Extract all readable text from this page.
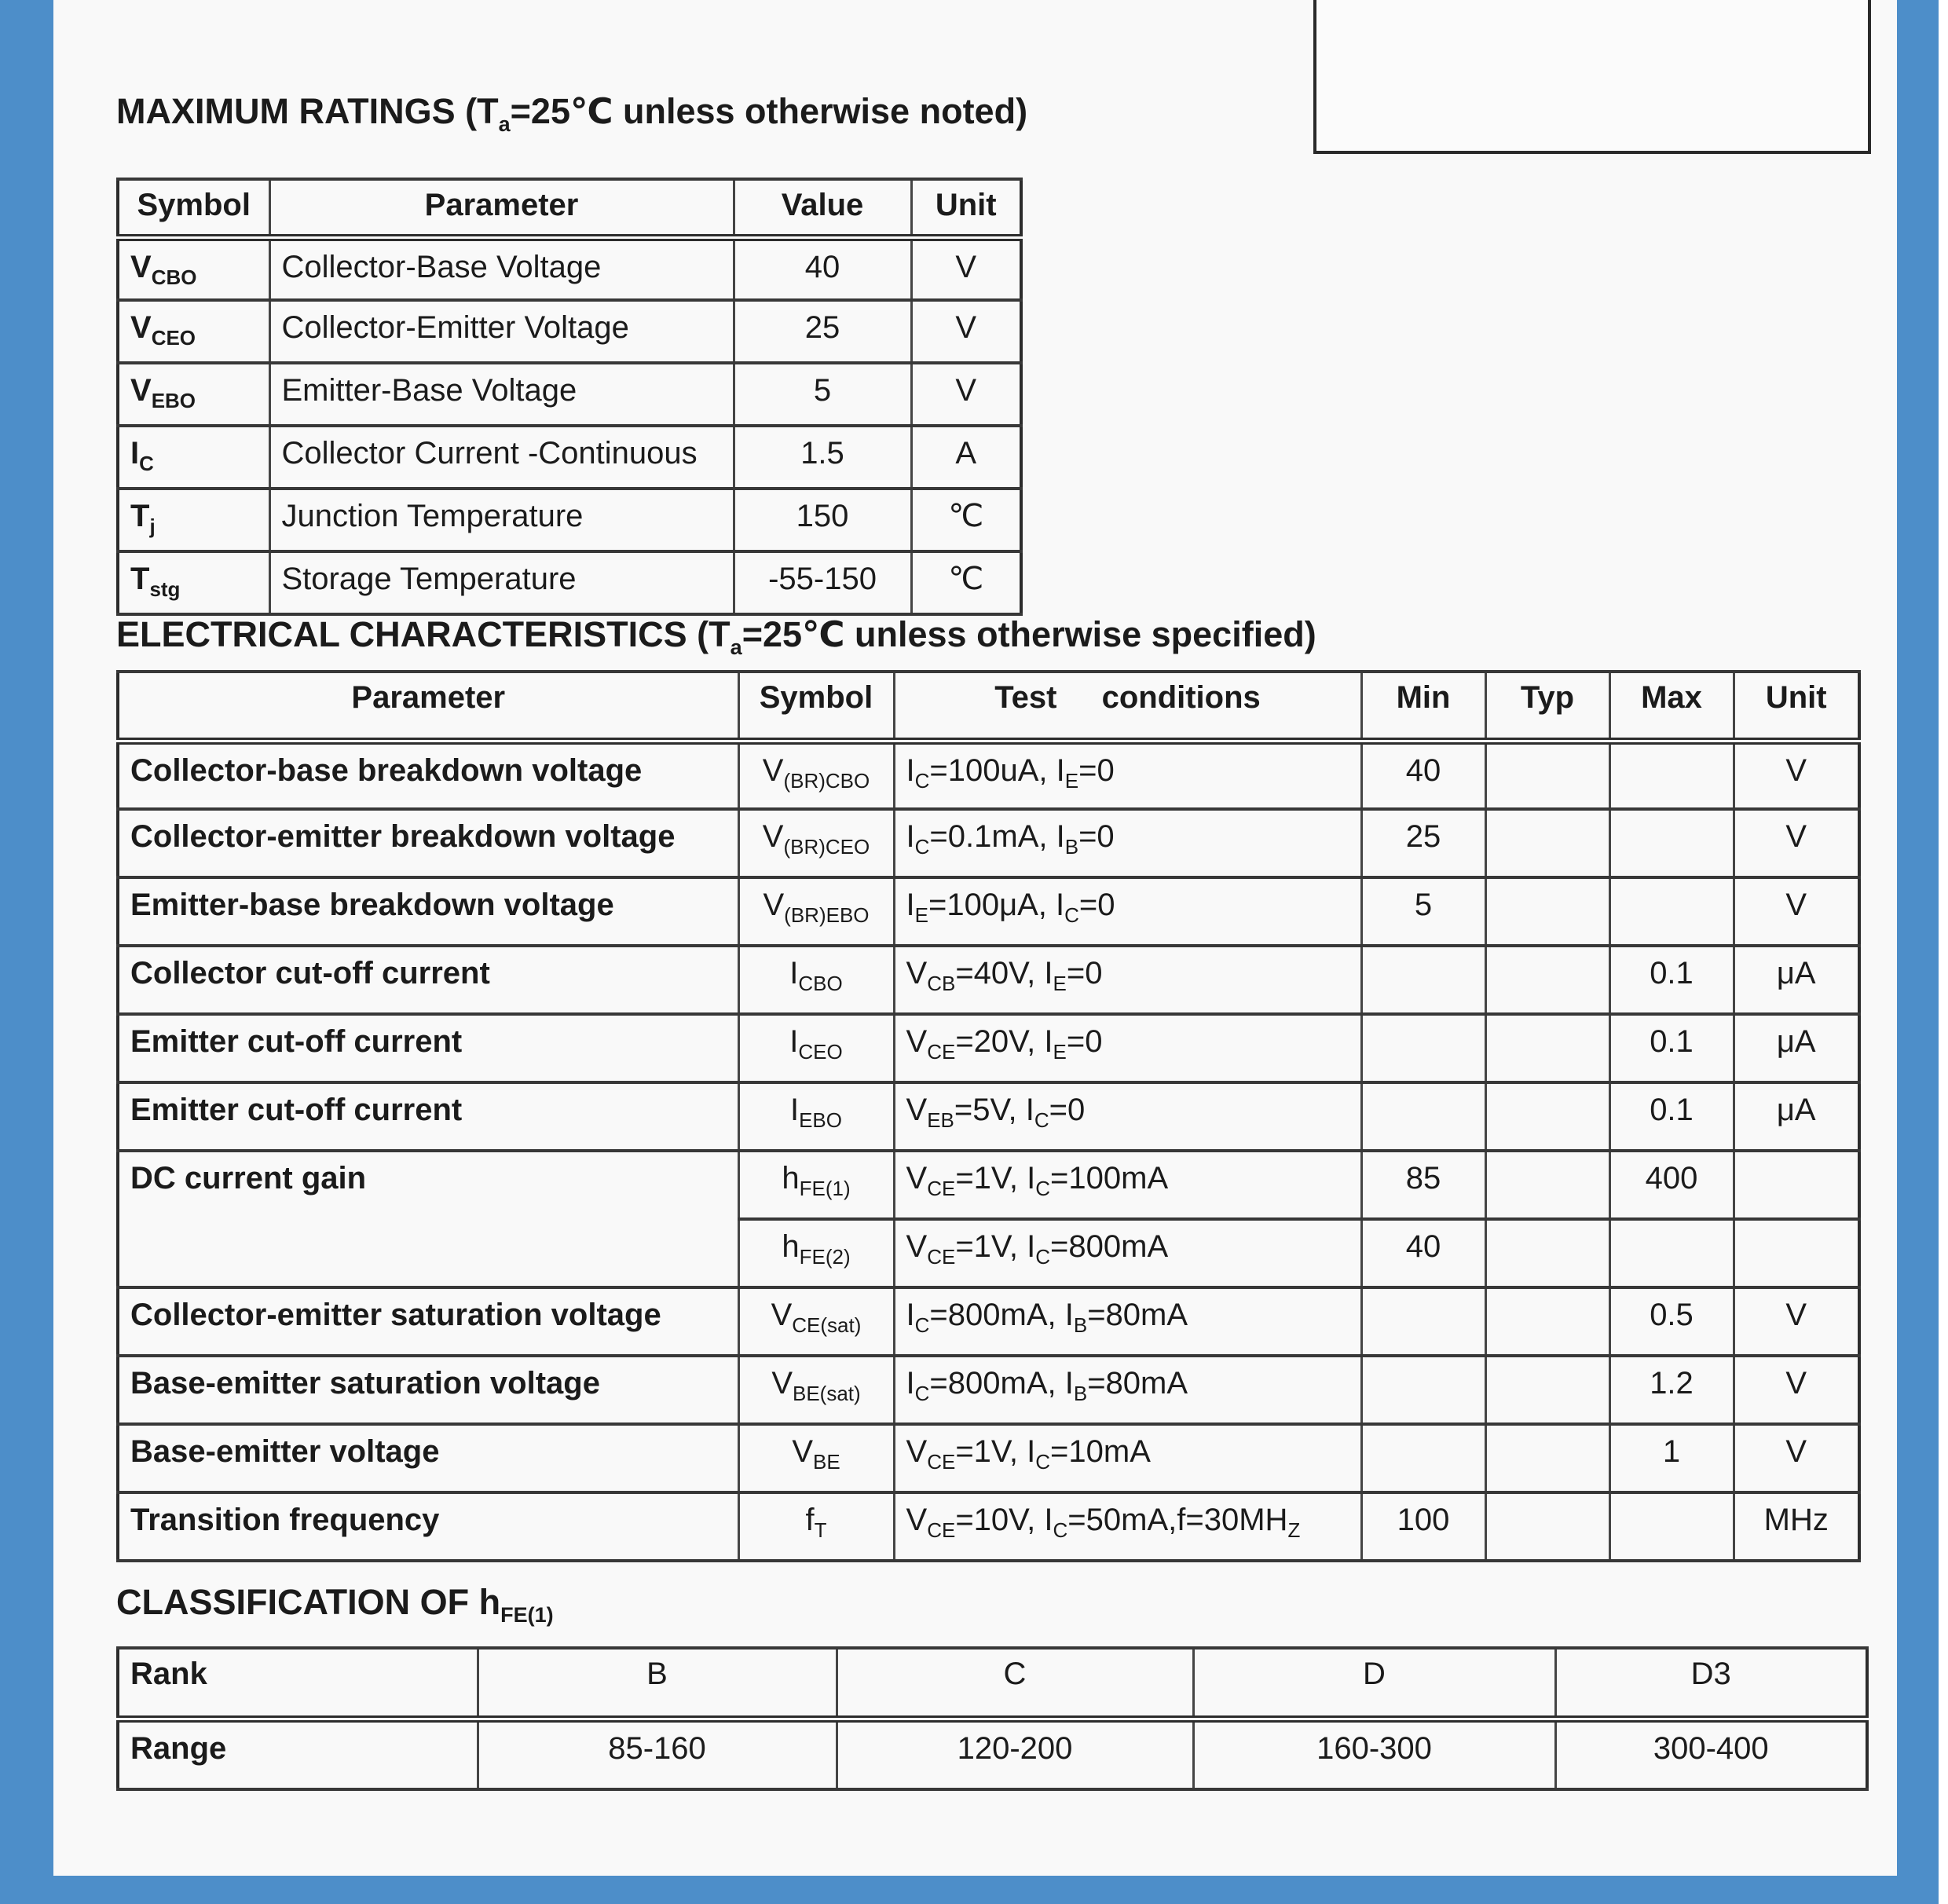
MAXIMUM RATINGS ($T_a=25℃$ unless otherwise noted)
Symbol	Parameter	Value	Unit
$V_{CBO}$	Collector-Base Voltage	40	V
$V_{CEO}$	Collector-Emitter Voltage	25	V
$V_{EBO}$	Emitter-Base Voltage	5	V
$I_C$	Collector Current -Continuous	1.5	A
$T_j$	Junction Temperature	150	℃
$T_{stg}$	Storage Temperature	-55-150	℃
ELECTRICAL CHARACTERISTICS ($T_a=25℃$ unless otherwise specified)
Parameter	Symbol	Test conditions	Min	Typ	Max	Unit
Collector-base breakdown voltage	$V_{(BR)CBO}$	$I_C=100uA$, $I_E=0$	40			V
Collector-emitter breakdown voltage	$V_{(BR)CEO}$	$I_C=0.1mA$, $I_B=0$	25			V
Emitter-base breakdown voltage	$V_{(BR)EBO}$	$I_E=100\mu A$, $I_C=0$	5			V
Collector cut-off current	$I_{CBO}$	$V_{CB}=40V$, $I_E=0$			0.1	μA
Emitter cut-off current	$I_{CEO}$	$V_{CE}=20V$, $I_E=0$			0.1	μA
Emitter cut-off current	$I_{EBO}$	$V_{EB}=5V$, $I_C=0$			0.1	μA
DC current gain	$h_{FE(1)}$	$V_{CE}=1V$, $I_C=100mA$	85		400	
	$h_{FE(2)}$	$V_{CE}=1V$, $I_C=800mA$	40			
Collector-emitter saturation voltage	$V_{CE(sat)}$	$I_C=800mA$, $I_B=80mA$			0.5	V
Base-emitter saturation voltage	$V_{BE(sat)}$	$I_C=800mA$, $I_B=80mA$			1.2	V
Base-emitter voltage	$V_{BE}$	$V_{CE}=1V$, $I_C=10mA$			1	V
Transition frequency	$f_T$	$V_{CE}=10V$, $I_C=50mA,f=30MH_Z$	100			MHz
CLASSIFICATION OF $h_{FE(1)}$
Rank	B	C	D	D3
Range	85-160	120-200	160-300	300-400
